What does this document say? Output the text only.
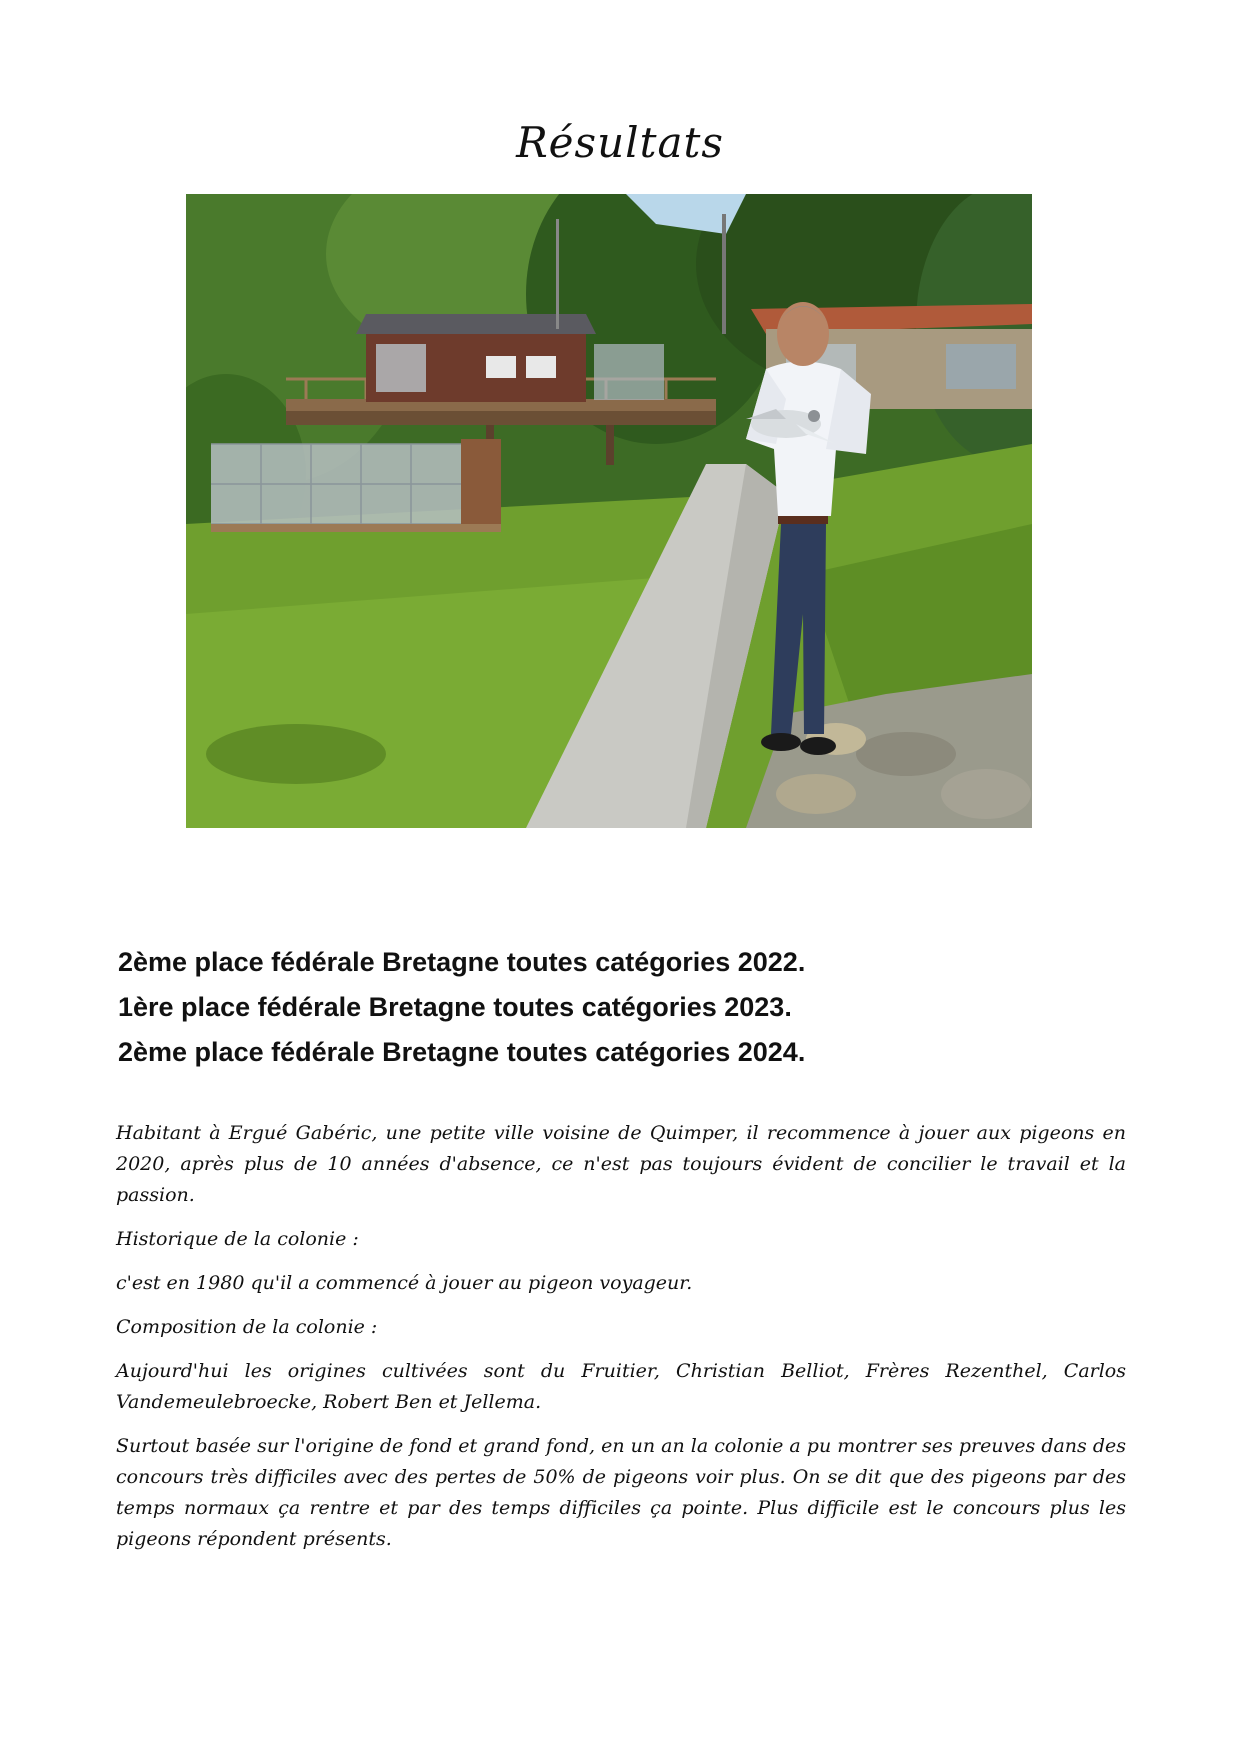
Résultats
2ème place fédérale Bretagne toutes catégories 2022.
1ère place fédérale Bretagne toutes catégories 2023.
2ème place fédérale Bretagne toutes catégories 2024.

Habitant à Ergué Gabéric, une petite ville voisine de Quimper, il recommence à jouer aux pigeons en 2020, après plus de 10 années d'absence, ce n'est pas toujours évident de concilier le travail et la passion.

Historique de la colonie :

c'est en 1980 qu'il a commencé à jouer au pigeon voyageur.

Composition de la colonie :

Aujourd'hui les origines cultivées sont du Fruitier, Christian Belliot, Frères Rezenthel, Carlos Vandemeulebroecke, Robert Ben et Jellema.

Surtout basée sur l'origine de fond et grand fond, en un an la colonie a pu montrer ses preuves dans des concours très difficiles avec des pertes de 50% de pigeons voir plus. On se dit que des pigeons par des temps normaux ça rentre et par des temps difficiles ça pointe. Plus difficile est le concours plus les pigeons répondent présents.
